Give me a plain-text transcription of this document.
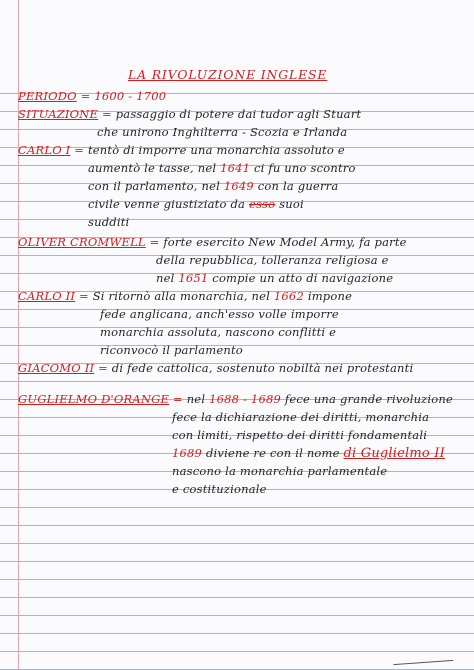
LA RIVOLUZIONE INGLESE
PERIODO = 1600 - 1700
SITUAZIONE = passaggio di potere dai tudor agli Stuart
che unirono Inghilterra - Scozia e Irlanda
CARLO I = tentò di imporre una monarchia assoluto e
aumentò le tasse, nel 1641 ci fu uno scontro
con il parlamento, nel 1649 con la guerra
civile venne giustiziato da esso suoi
sudditi
OLIVER CROMWELL = forte esercito New Model Army, fa parte
della repubblica, tolleranza religiosa e
nel 1651 compie un atto di navigazione
CARLO II = Si ritornò alla monarchia, nel 1662 impone
fede anglicana, anch'esso volle imporre
monarchia assoluta, nascono conflitti e
riconvocò il parlamento
GIACOMO II = di fede cattolica, sostenuto nobiltà nei protestanti
GUGLIELMO D'ORANGE = nel 1688 - 1689 fece una grande rivoluzione
fece la dichiarazione dei diritti, monarchia
con limiti, rispetto dei diritti fondamentali
1689 diviene re con il nome di Guglielmo II
nascono la monarchia parlamentale
e costituzionale
